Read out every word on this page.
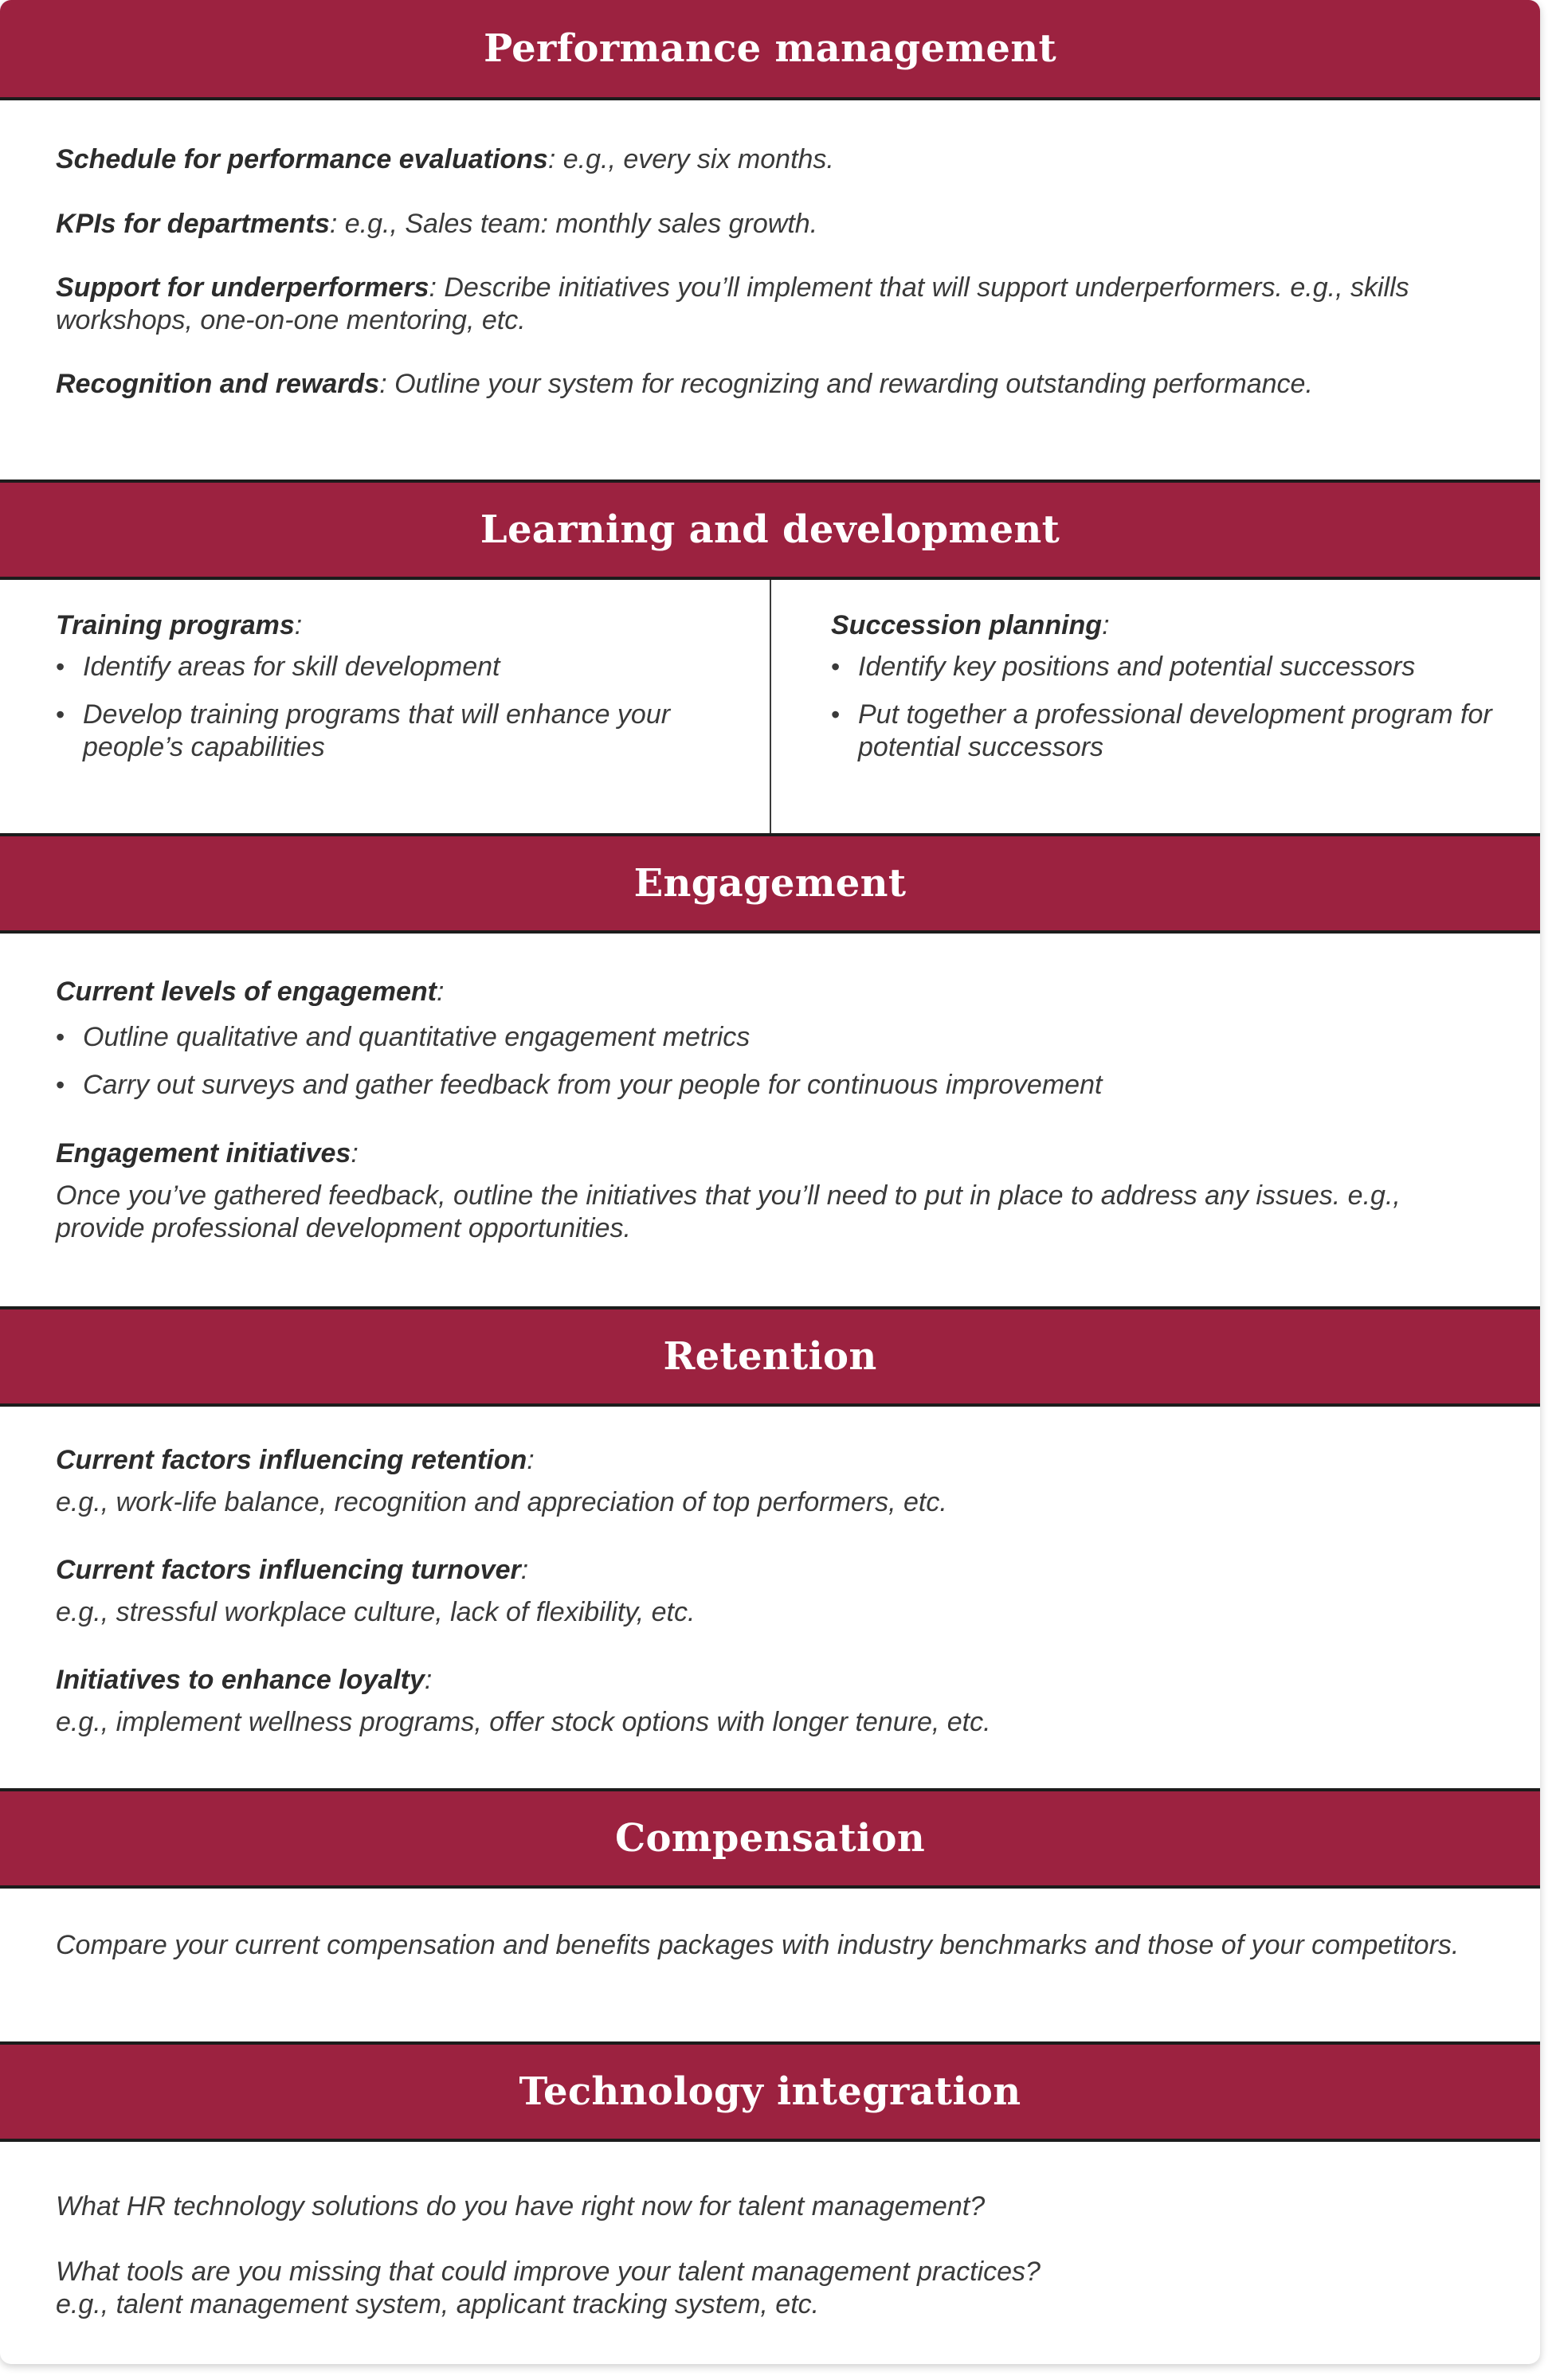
Performance management
Schedule for performance evaluations: e.g., every six months.
KPIs for departments: e.g., Sales team: monthly sales growth.
Support for underperformers: Describe initiatives you’ll implement that will support underperformers. e.g., skills workshops, one-on-one mentoring, etc.
Recognition and rewards: Outline your system for recognizing and rewarding outstanding performance.
Learning and development
Training programs:
• Identify areas for skill development
• Develop training programs that will enhance your people’s capabilities
Succession planning:
• Identify key positions and potential successors
• Put together a professional development program for potential successors
Engagement
Current levels of engagement:
• Outline qualitative and quantitative engagement metrics
• Carry out surveys and gather feedback from your people for continuous improvement
Engagement initiatives:
Once you’ve gathered feedback, outline the initiatives that you’ll need to put in place to address any issues. e.g., provide professional development opportunities.
Retention
Current factors influencing retention:
e.g., work-life balance, recognition and appreciation of top performers, etc.
Current factors influencing turnover:
e.g., stressful workplace culture, lack of flexibility, etc.
Initiatives to enhance loyalty:
e.g., implement wellness programs, offer stock options with longer tenure, etc.
Compensation
Compare your current compensation and benefits packages with industry benchmarks and those of your competitors.
Technology integration
What HR technology solutions do you have right now for talent management?
What tools are you missing that could improve your talent management practices?
e.g., talent management system, applicant tracking system, etc.
